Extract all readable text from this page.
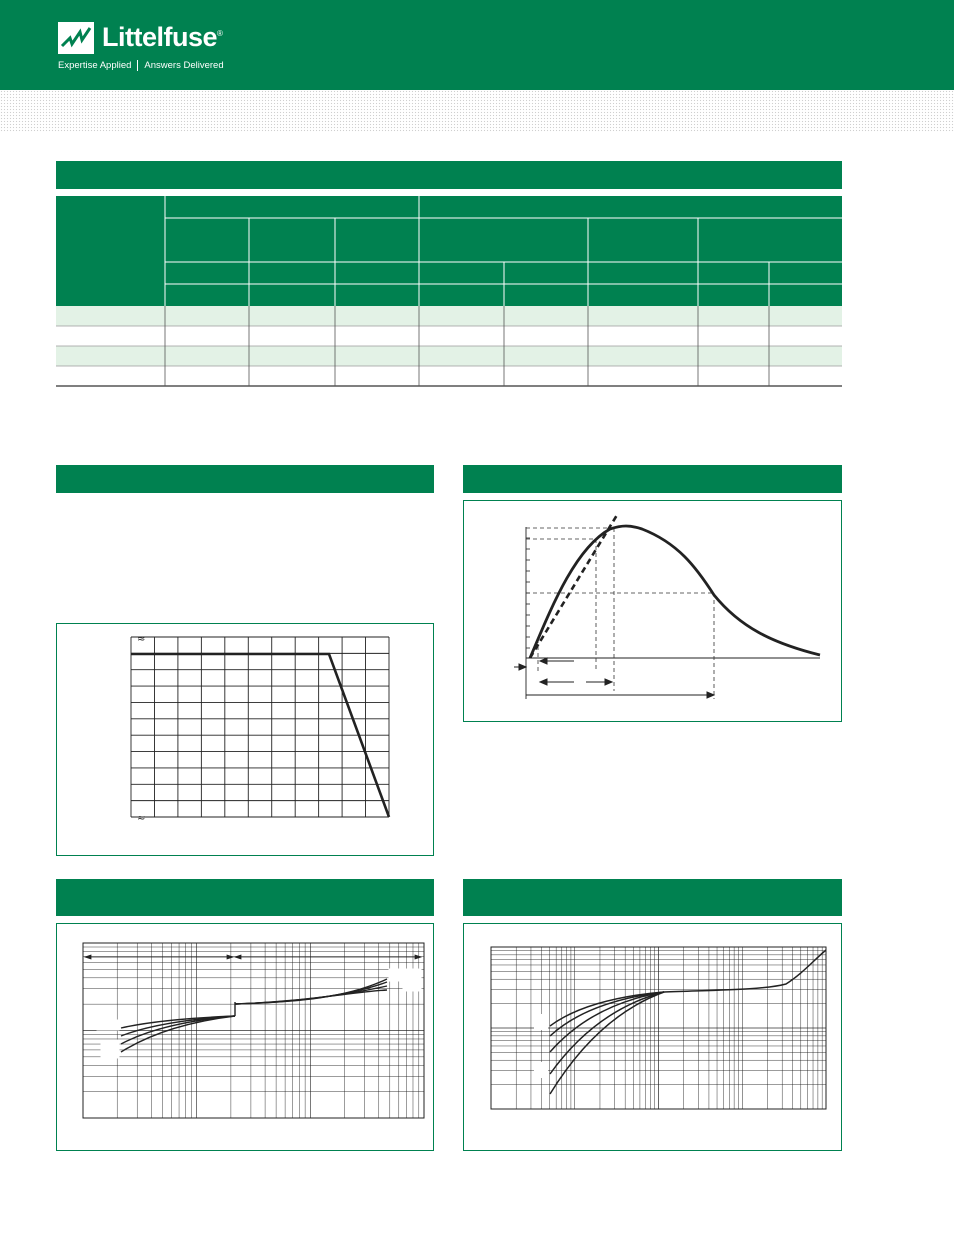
Littelfuse®
Expertise Applied Answers Delivered
≈
≈
